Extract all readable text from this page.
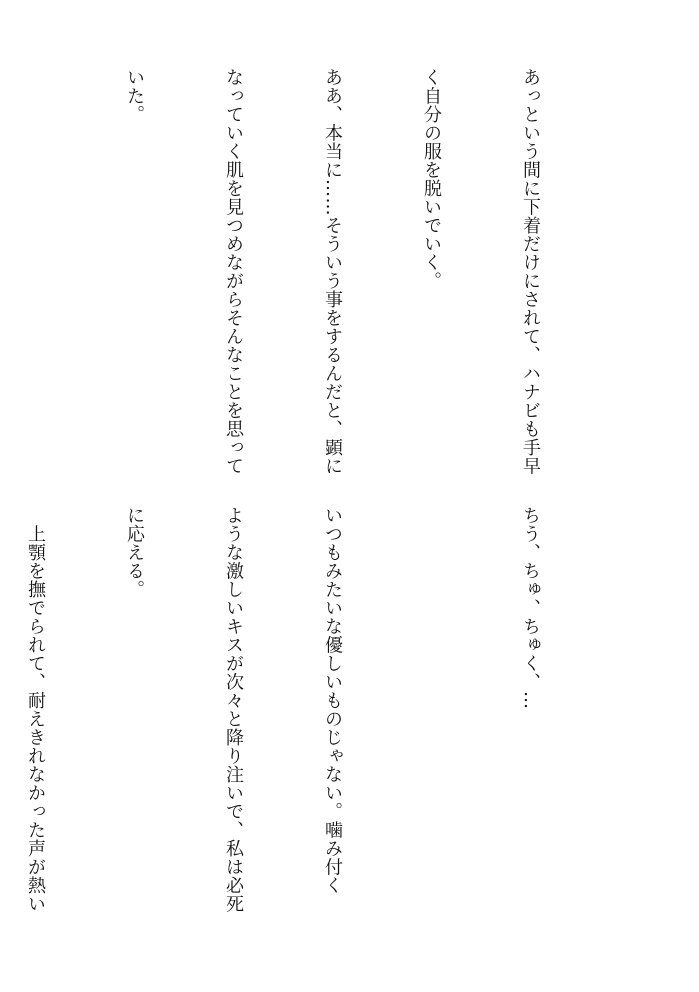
あっという間に下着だけにされて、ハナビも手早

く自分の服を脱いでいく。

ああ、本当に……そういう事をするんだと、顕に

なっていく肌を見つめながらそんなことを思って

いた。

ちう、ちゅ、ちゅく、…

いつもみたいな優しいものじゃない。噛み付く

ような激しいキスが次々と降り注いで、私は必死

に応える。

　上顎を撫でられて、耐えきれなかった声が熱い
